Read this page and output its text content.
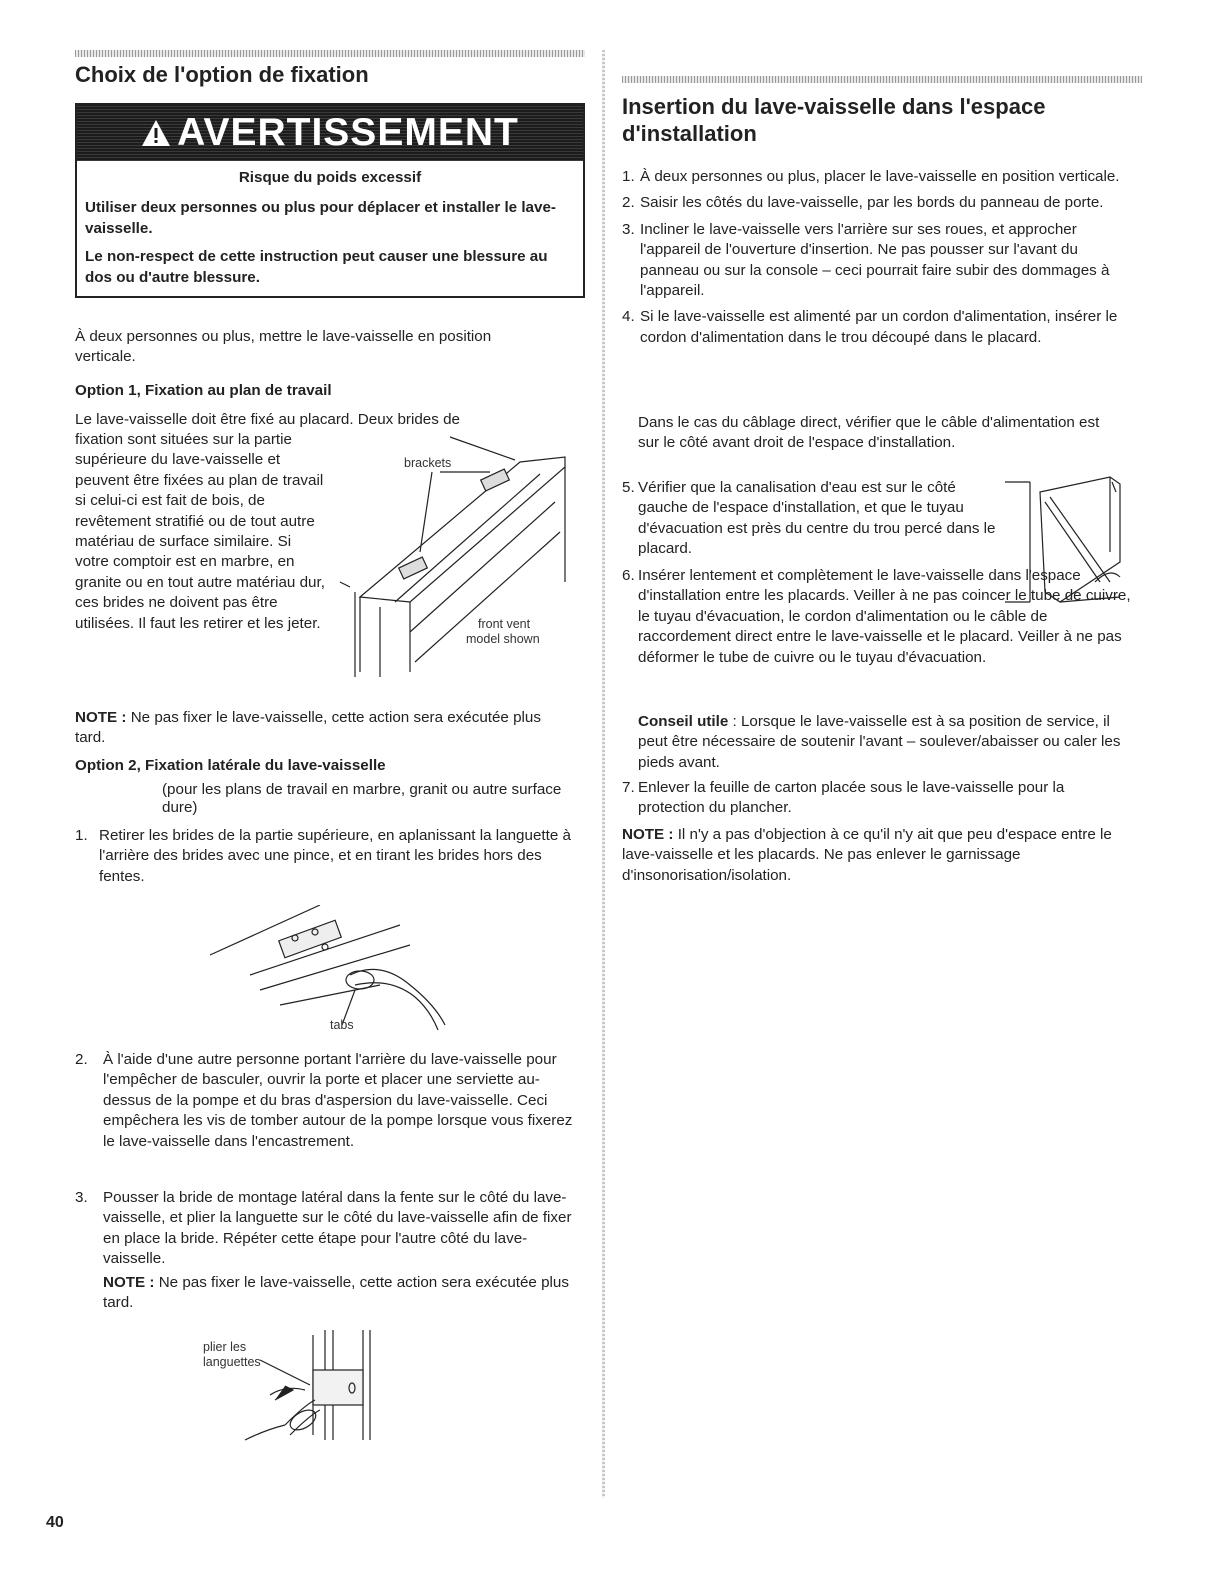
Choix de l'option de fixation
AVERTISSEMENT

Risque du poids excessif

Utiliser deux personnes ou plus pour déplacer et installer le lave-vaisselle.

Le non-respect de cette instruction peut causer une blessure au dos ou d'autre blessure.

À deux personnes ou plus, mettre le lave-vaisselle en position verticale.

Option 1, Fixation au plan de travail

Le lave-vaisselle doit être fixé au placard. Deux brides de

fixation sont situées sur la partie supérieure du lave-vaisselle et peuvent être fixées au plan de travail si celui-ci est fait de bois, de revêtement stratifié ou de tout autre matériau de surface similaire. Si votre comptoir est en marbre, en granite ou en tout autre matériau dur, ces brides ne doivent pas être utilisées. Il faut les retirer et les jeter.

brackets
front vent
model shown

NOTE : Ne pas fixer le lave-vaisselle, cette action sera exécutée plus tard.

Option 2, Fixation latérale du lave-vaisselle

(pour les plans de travail en marbre, granit ou autre surface dure)

1. Retirer les brides de la partie supérieure, en aplanissant la languette à l'arrière des brides avec une pince, et en tirant les brides hors des fentes.

tabs
2. À l'aide d'une autre personne portant l'arrière du lave-vaisselle pour l'empêcher de basculer, ouvrir la porte et placer une serviette au-dessus de la pompe et du bras d'aspersion du lave-vaisselle. Ceci empêchera les vis de tomber autour de la pompe lorsque vous fixerez le lave-vaisselle dans l'encastrement.

3. Pousser la bride de montage latéral dans la fente sur le côté du lave-vaisselle, et plier la languette sur le côté du lave-vaisselle afin de fixer en place la bride. Répéter cette étape pour l'autre côté du lave-vaisselle.

NOTE : Ne pas fixer le lave-vaisselle, cette action sera exécutée plus tard.

plier les
languettes
Insertion du lave-vaisselle dans l'espace d'installation
1. À deux personnes ou plus, placer le lave-vaisselle en position verticale.
2. Saisir les côtés du lave-vaisselle, par les bords du panneau de porte.
3. Incliner le lave-vaisselle vers l'arrière sur ses roues, et approcher l'appareil de l'ouverture d'insertion. Ne pas pousser sur l'avant du panneau ou sur la console – ceci pourrait faire subir des dommages à l'appareil.
4. Si le lave-vaisselle est alimenté par un cordon d'alimentation, insérer le cordon d'alimentation dans le trou découpé dans le placard.

Dans le cas du câblage direct, vérifier que le câble d'alimentation est sur le côté avant droit de l'espace d'installation.

5. Vérifier que la canalisation d'eau est sur le côté gauche de l'espace d'installation, et que le tuyau d'évacuation est près du centre du trou percé dans le placard.

6. Insérer lentement et complètement le lave-vaisselle dans l'espace d'installation entre les placards. Veiller à ne pas coincer le tube de cuivre, le tuyau d'évacuation, le cordon d'alimentation ou le câble de raccordement direct entre le lave-vaisselle et le placard. Veiller à ne pas déformer le tube de cuivre ou le tuyau d'évacuation.

Conseil utile : Lorsque le lave-vaisselle est à sa position de service, il peut être nécessaire de soutenir l'avant – soulever/abaisser ou caler les pieds avant.

7. Enlever la feuille de carton placée sous le lave-vaisselle pour la protection du plancher.

NOTE : Il n'y a pas d'objection à ce qu'il n'y ait que peu d'espace entre le lave-vaisselle et les placards. Ne pas enlever le garnissage d'insonorisation/isolation.

40
